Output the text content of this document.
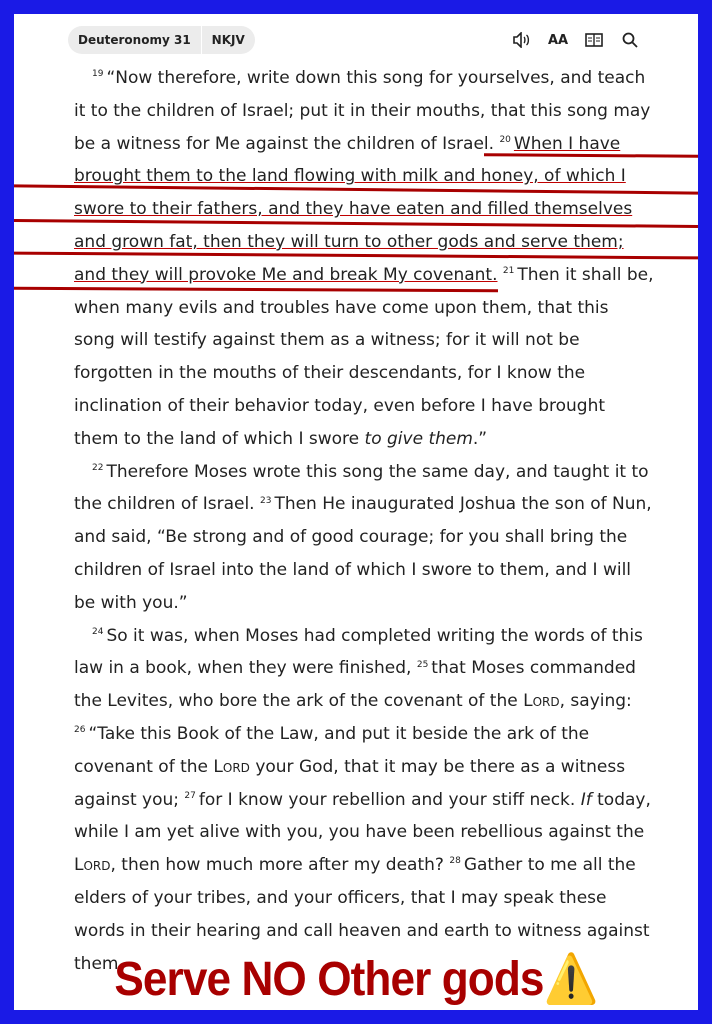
Deuteronomy 31	NKJV	AA

$^{19}$ “Now therefore, write down this song for yourselves, and teach it to the children of Israel; put it in their mouths, that this song may be a witness for Me against the children of Israel. $^{20}$ When I have brought them to the land flowing with milk and honey, of which I swore to their fathers, and they have eaten and filled themselves and grown fat, then they will turn to other gods and serve them; and they will provoke Me and break My covenant. $^{21}$ Then it shall be, when many evils and troubles have come upon them, that this song will testify against them as a witness; for it will not be forgotten in the mouths of their descendants, for I know the inclination of their behavior today, even before I have brought them to the land of which I swore to give them.”

$^{22}$ Therefore Moses wrote this song the same day, and taught it to the children of Israel. $^{23}$ Then He inaugurated Joshua the son of Nun, and said, “Be strong and of good courage; for you shall bring the children of Israel into the land of which I swore to them, and I will be with you.”

$^{24}$ So it was, when Moses had completed writing the words of this law in a book, when they were finished, $^{25}$ that Moses commanded the Levites, who bore the ark of the covenant of the Lord, saying: $^{26}$ “Take this Book of the Law, and put it beside the ark of the covenant of the Lord your God, that it may be there as a witness against you; $^{27}$ for I know your rebellion and your stiff neck. If today, while I am yet alive with you, you have been rebellious against the Lord, then how much more after my death? $^{28}$ Gather to me all the elders of your tribes, and your officers, that I may speak these words in their hearing and call heaven and earth to witness against them.

Serve NO Other gods⚠️
